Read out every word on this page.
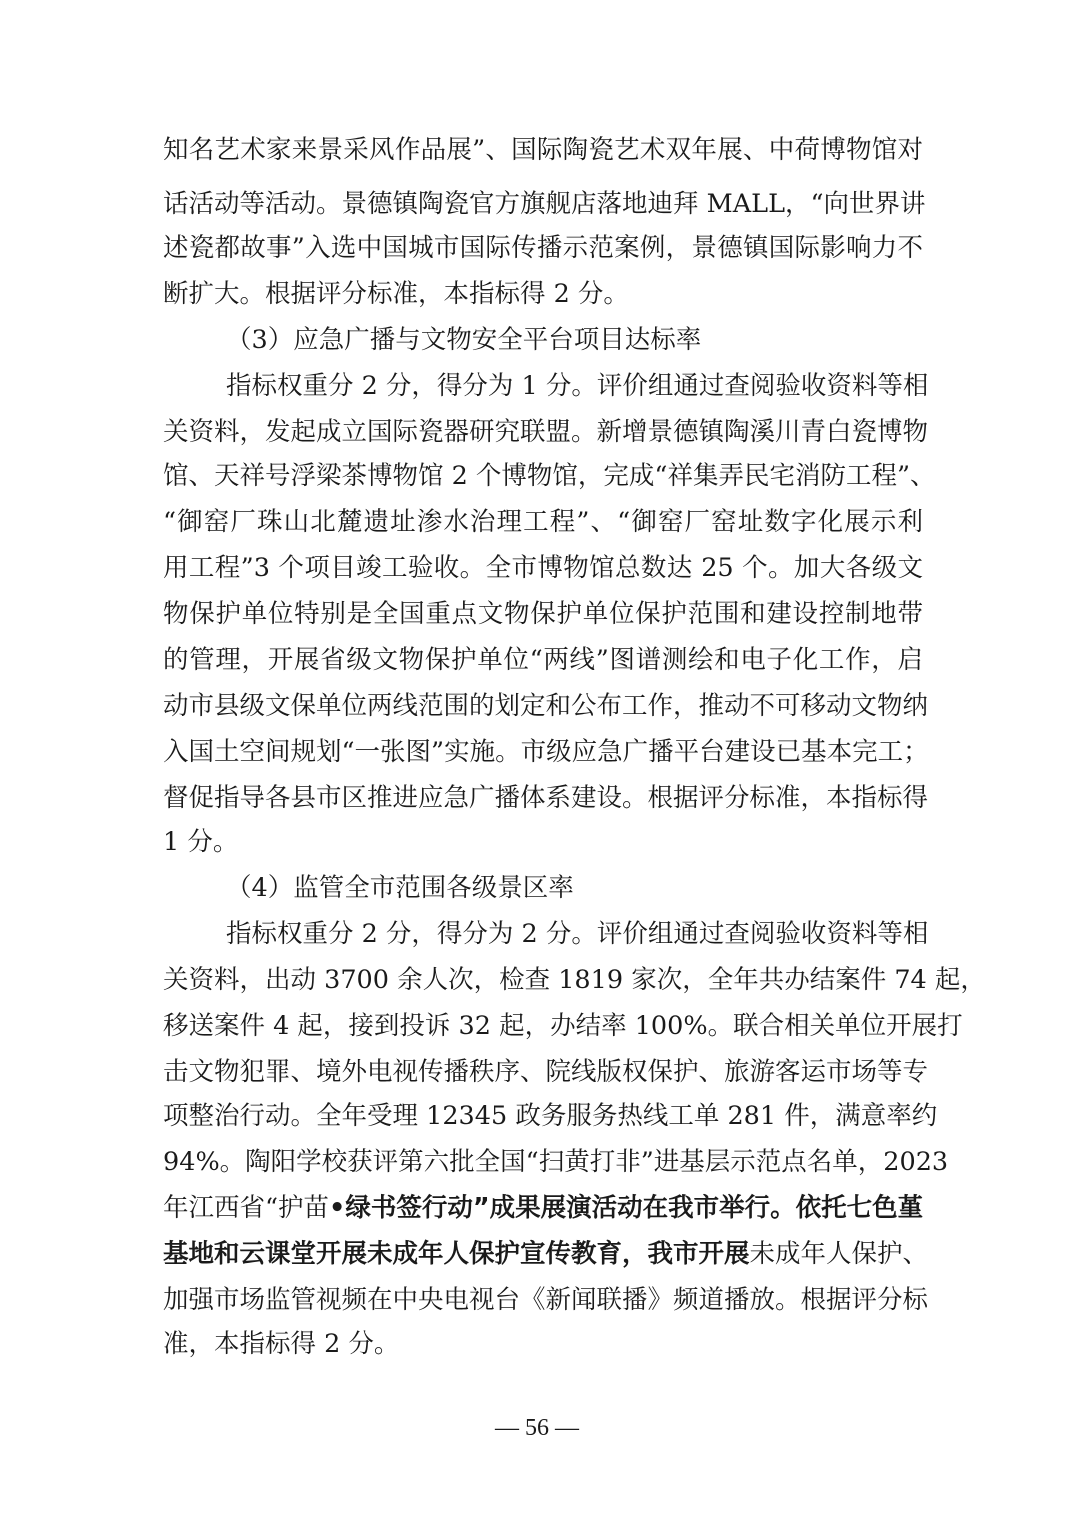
知名艺术家来景采风作品展”、国际陶瓷艺术双年展、中荷博物馆对
话活动等活动。景德镇陶瓷官方旗舰店落地迪拜 MALL，“向世界讲
述瓷都故事”入选中国城市国际传播示范案例，景德镇国际影响力不
断扩大。根据评分标准，本指标得 2 分。
（3）应急广播与文物安全平台项目达标率
指标权重分 2 分，得分为 1 分。评价组通过查阅验收资料等相
关资料，发起成立国际瓷器研究联盟。新增景德镇陶溪川青白瓷博物
馆、天祥号浮梁茶博物馆 2 个博物馆，完成“祥集弄民宅消防工程”、
“御窑厂珠山北麓遗址渗水治理工程”、“御窑厂窑址数字化展示利
用工程”3 个项目竣工验收。全市博物馆总数达 25 个。加大各级文
物保护单位特别是全国重点文物保护单位保护范围和建设控制地带
的管理，开展省级文物保护单位“两线”图谱测绘和电子化工作，启
动市县级文保单位两线范围的划定和公布工作，推动不可移动文物纳
入国土空间规划“一张图”实施。市级应急广播平台建设已基本完工；
督促指导各县市区推进应急广播体系建设。根据评分标准，本指标得
1 分。
（4）监管全市范围各级景区率
指标权重分 2 分，得分为 2 分。评价组通过查阅验收资料等相
关资料，出动 3700 余人次，检查 1819 家次，全年共办结案件 74 起，
移送案件 4 起，接到投诉 32 起，办结率 100%。联合相关单位开展打
击文物犯罪、境外电视传播秩序、院线版权保护、旅游客运市场等专
项整治行动。全年受理 12345 政务服务热线工单 281 件，满意率约
94%。陶阳学校获评第六批全国“扫黄打非”进基层示范点名单，2023
年江西省“护苗•绿书签行动”成果展演活动在我市举行。依托七色堇
基地和云课堂开展未成年人保护宣传教育，我市开展未成年人保护、
加强市场监管视频在中央电视台《新闻联播》频道播放。根据评分标
准，本指标得 2 分。
— 56 —
